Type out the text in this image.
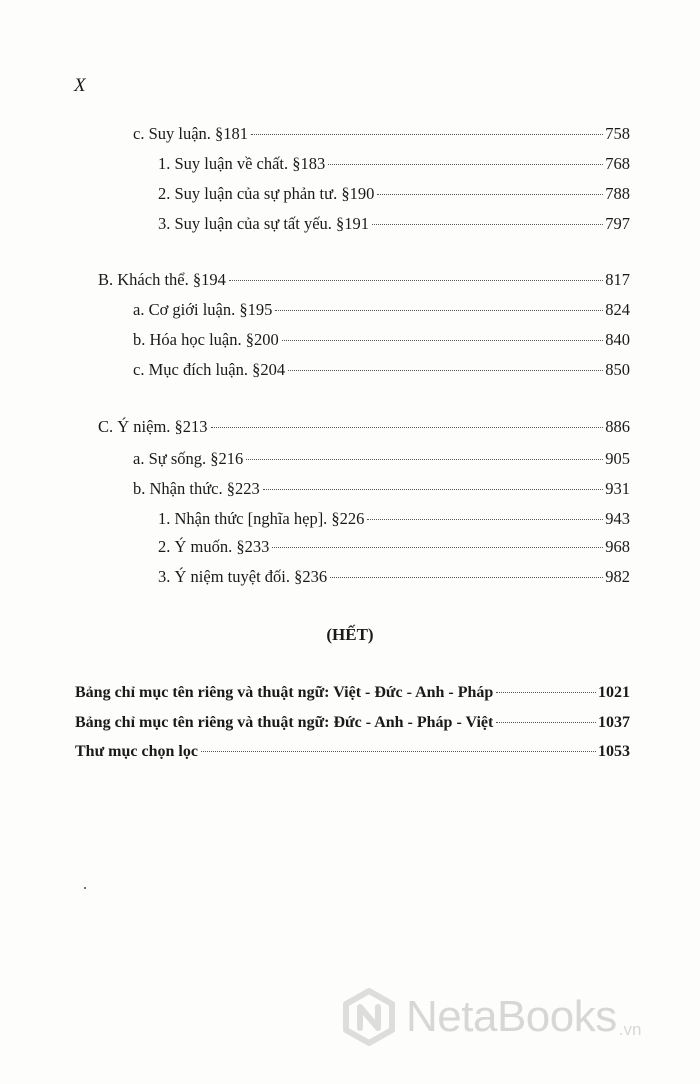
X
c. Suy luận. §181	758
1. Suy luận về chất. §183	768
2. Suy luận của sự phản tư. §190	788
3. Suy luận của sự tất yếu. §191	797
B. Khách thể. §194	817
a. Cơ giới luận. §195	824
b. Hóa học luận. §200	840
c. Mục đích luận. §204	850
C. Ý niệm. §213	886
a. Sự sống. §216	905
b. Nhận thức. §223	931
1. Nhận thức [nghĩa hẹp]. §226	943
2. Ý muốn. §233	968
3. Ý niệm tuyệt đối. §236	982
(HẾT)
Bảng chỉ mục tên riêng và thuật ngữ: Việt - Đức - Anh - Pháp	1021
Bảng chỉ mục tên riêng và thuật ngữ: Đức - Anh - Pháp - Việt	1037
Thư mục chọn lọc	1053
NetaBooks .vn
